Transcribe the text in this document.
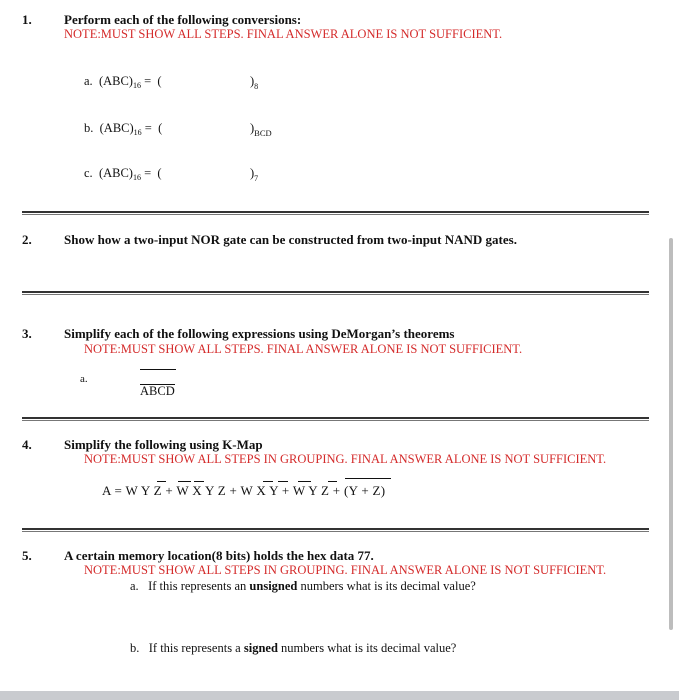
1. Perform each of the following conversions:
NOTE:MUST SHOW ALL STEPS. FINAL ANSWER ALONE IS NOT SUFFICIENT.
a. $(ABC)_{16}$ = (	)$_8$
b. $(ABC)_{16}$ = (	)$_{BCD}$
c. $(ABC)_{16}$ = (	)$_7$
2. Show how a two-input NOR gate can be constructed from two-input NAND gates.
3. Simplify each of the following expressions using DeMorgan’s theorems
NOTE:MUST SHOW ALL STEPS. FINAL ANSWER ALONE IS NOT SUFFICIENT.
a.
ABCD
4. Simplify the following using K-Map
NOTE:MUST SHOW ALL STEPS IN GROUPING. FINAL ANSWER ALONE IS NOT SUFFICIENT.
A = W Y Z + W X Y Z + W X Y + W Y Z + (Y + Z)
5. A certain memory location(8 bits) holds the hex data 77.
NOTE:MUST SHOW ALL STEPS IN GROUPING. FINAL ANSWER ALONE IS NOT SUFFICIENT.
a. If this represents an unsigned numbers what is its decimal value?
b. If this represents a signed numbers what is its decimal value?
